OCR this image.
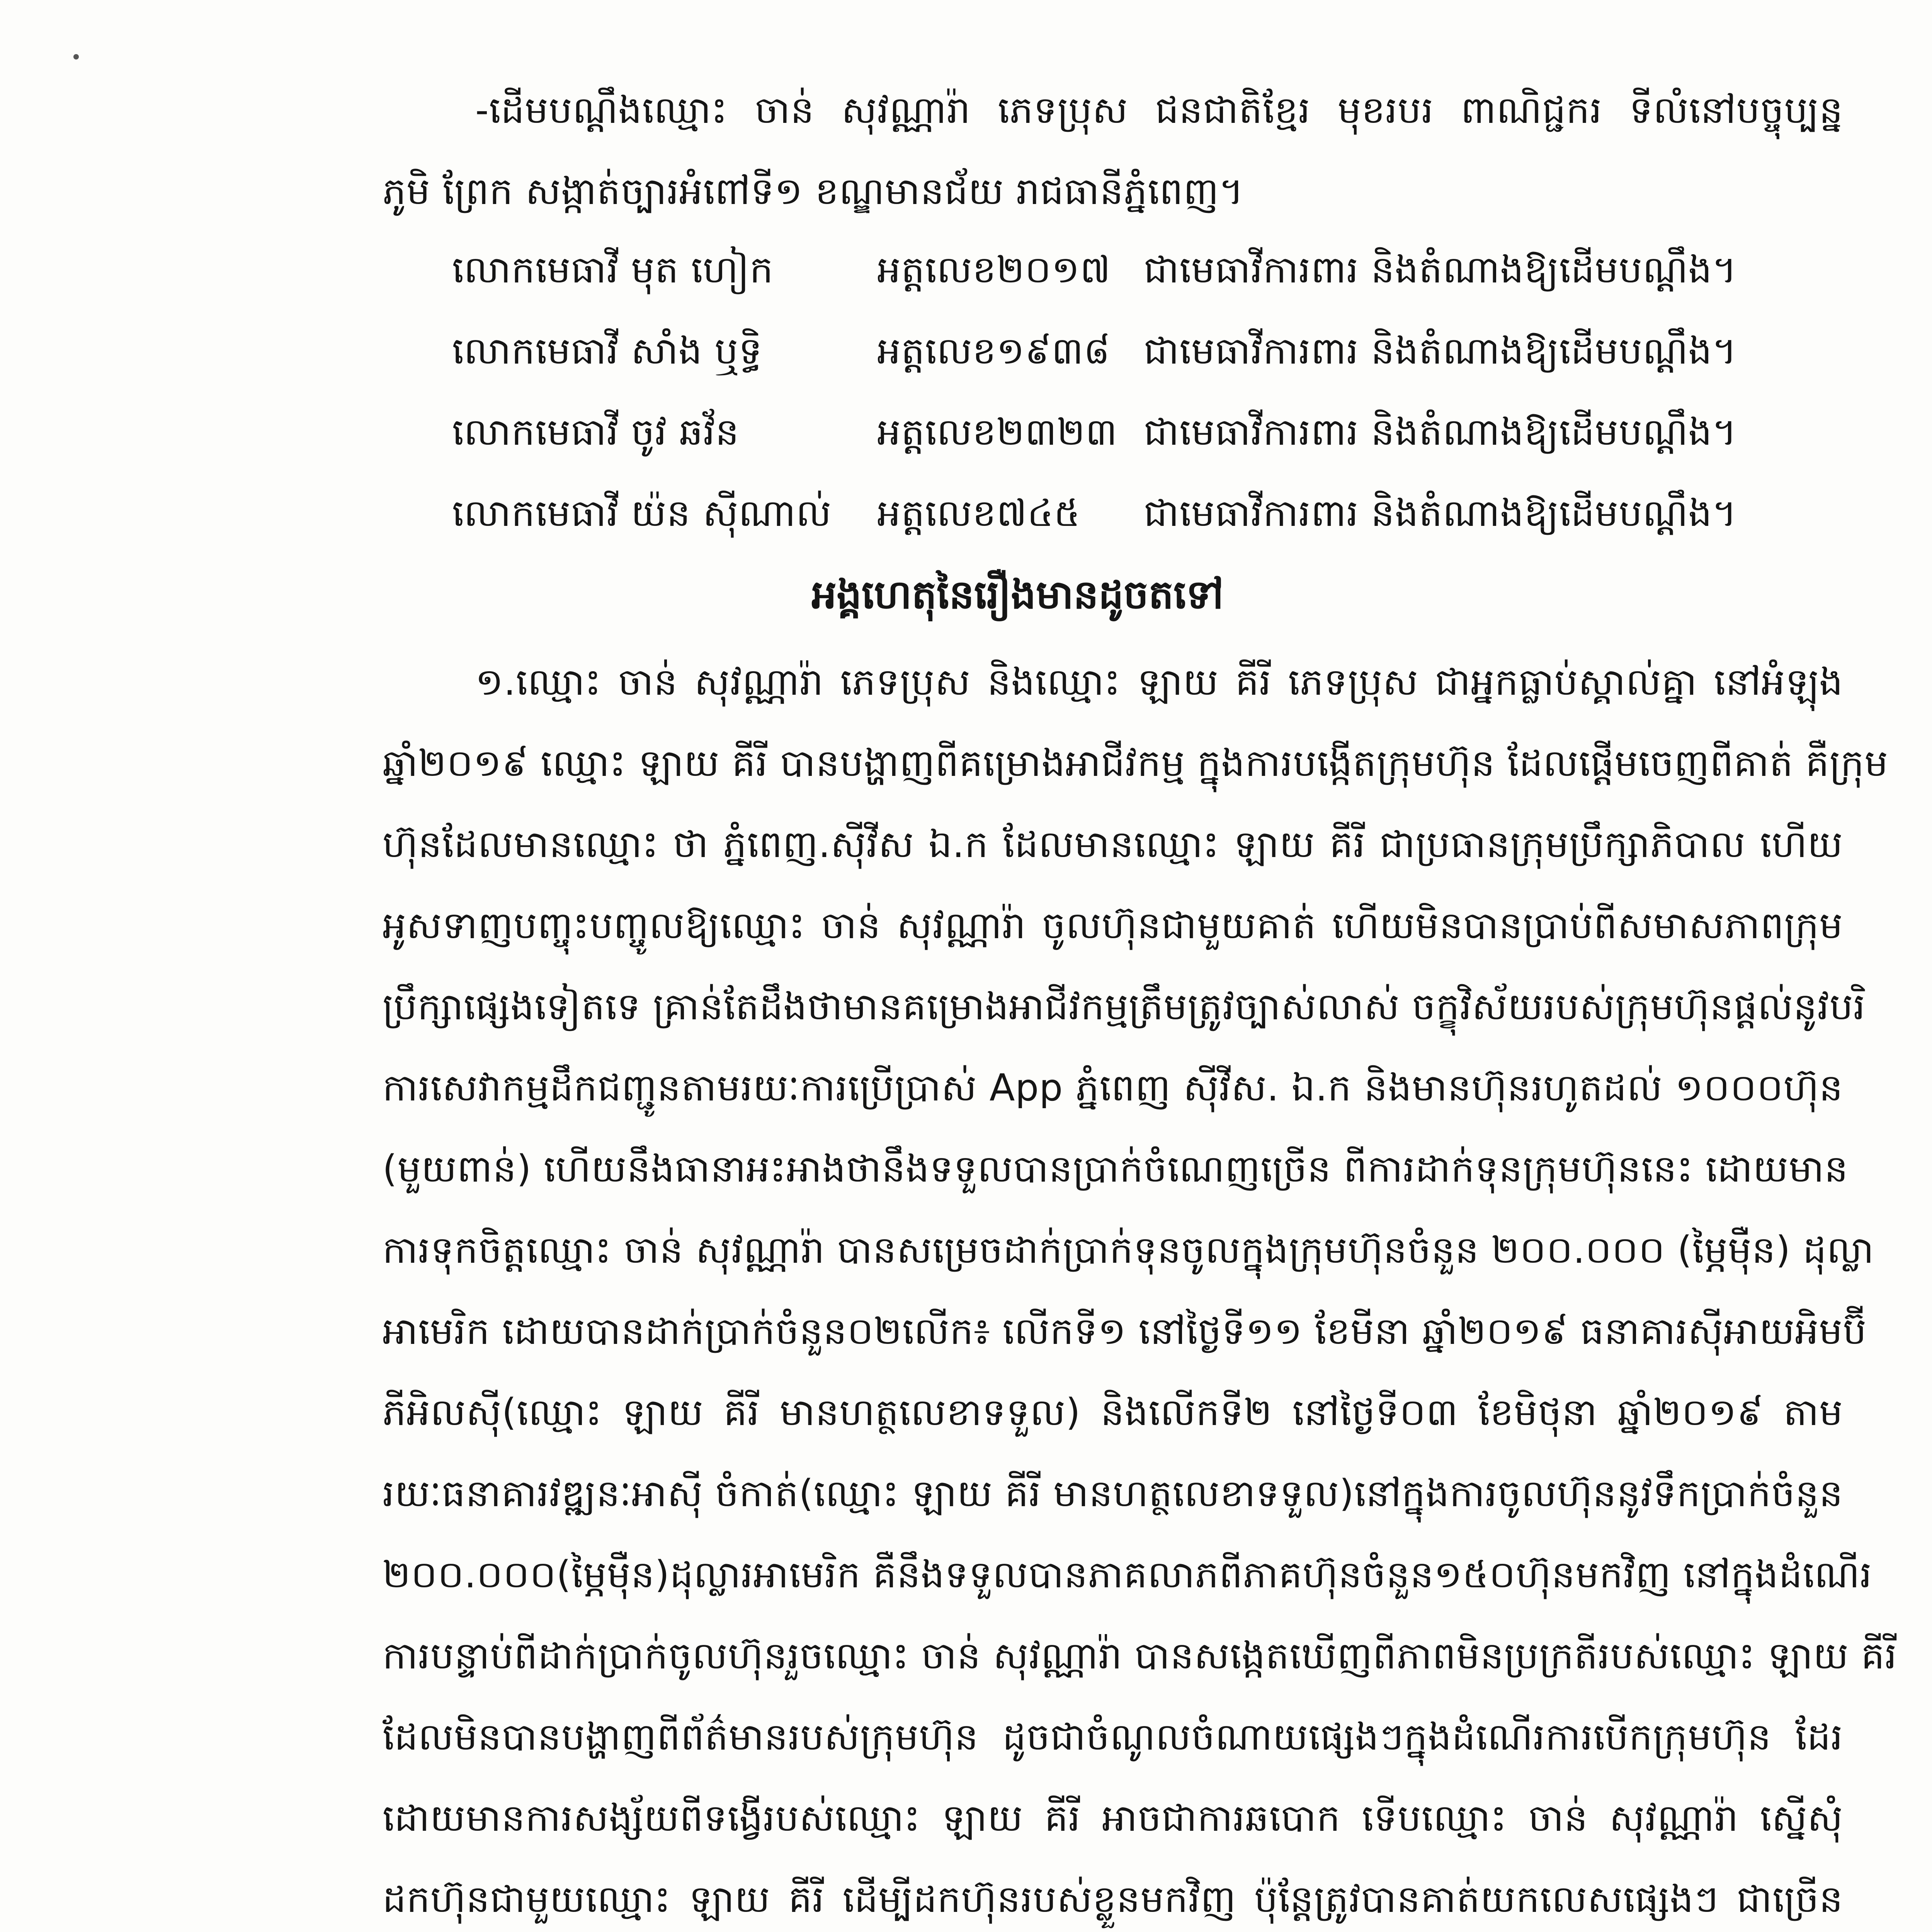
-ដើមបណ្តឹងឈ្មោះ ចាន់ សុវណ្ណារ៉ា ភេទប្រុស ជនជាតិខ្មែរ មុខរបរ ពាណិជ្ជករ ទីលំនៅបច្ចុប្បន្ន
ភូមិ ព្រែក សង្កាត់ច្បារអំពៅទី១ ខណ្ឌមានជ័យ រាជធានីភ្នំពេញ។
លោកមេធាវី មុត ហៀក	អត្តលេខ២០១៧ ជាមេធាវីការពារ និងតំណាងឱ្យដើមបណ្តឹង។
លោកមេធាវី សាំង ឬទ្ធិ	អត្តលេខ១៩៣៨ ជាមេធាវីការពារ និងតំណាងឱ្យដើមបណ្តឹង។
លោកមេធាវី ចូវ ឆវ័ន	អត្តលេខ២៣២៣ ជាមេធាវីការពារ និងតំណាងឱ្យដើមបណ្តឹង។
លោកមេធាវី យ៉ន ស៊ីណាល់ អត្តលេខ៧៤៥ ជាមេធាវីការពារ និងតំណាងឱ្យដើមបណ្តឹង។
អង្គហេតុនៃរឿងមានដូចតទៅ
១.ឈ្មោះ ចាន់ សុវណ្ណារ៉ា ភេទប្រុស និងឈ្មោះ ឡាយ គីរី ភេទប្រុស ជាអ្នកធ្លាប់ស្គាល់គ្នា នៅអំឡុង
ឆ្នាំ២០១៩ ឈ្មោះ ឡាយ គីរី បានបង្ហាញពីគម្រោងអាជីវកម្ម ក្នុងការបង្កើតក្រុមហ៊ុន ដែលផ្តើមចេញពីគាត់ គឺក្រុម
ហ៊ុនដែលមានឈ្មោះ ថា ភ្នំពេញ.ស៊ីវីស ឯ.ក ដែលមានឈ្មោះ ឡាយ គីរី ជាប្រធានក្រុមប្រឹក្សាភិបាល ហើយ
អូសទាញបញ្ចុះបញ្ចូលឱ្យឈ្មោះ ចាន់ សុវណ្ណារ៉ា ចូលហ៊ុនជាមួយគាត់ ហើយមិនបានប្រាប់ពីសមាសភាពក្រុម
ប្រឹក្សាផ្សេងទៀតទេ គ្រាន់តែដឹងថាមានគម្រោងអាជីវកម្មត្រឹមត្រូវច្បាស់លាស់ ចក្ខុវិស័យរបស់ក្រុមហ៊ុនផ្តល់នូវបរិ
ការសេវាកម្មដឹកជញ្ជូនតាមរយៈការប្រើប្រាស់ App ភ្នំពេញ ស៊ីវីស. ឯ.ក និងមានហ៊ុនរហូតដល់ ១០០០ហ៊ុន
(មួយពាន់) ហើយនឹងធានាអះអាងថានឹងទទួលបានប្រាក់ចំណេញច្រើន ពីការដាក់ទុនក្រុមហ៊ុននេះ ដោយមាន
ការទុកចិត្តឈ្មោះ ចាន់ សុវណ្ណារ៉ា បានសម្រេចដាក់ប្រាក់ទុនចូលក្នុងក្រុមហ៊ុនចំនួន ២០០.០០០ (ម្ភៃម៉ឺន) ដុល្លា
អាមេរិក ដោយបានដាក់ប្រាក់ចំនួន០២លើក៖ លើកទី១ នៅថ្ងៃទី១១ ខែមីនា ឆ្នាំ២០១៩ ធនាគារស៊ីអាយអិមប៊ី
ភីអិលស៊ី(ឈ្មោះ ឡាយ គីរី មានហត្ថលេខាទទួល) និងលើកទី២ នៅថ្ងៃទី០៣ ខែមិថុនា ឆ្នាំ២០១៩ តាម
រយៈធនាគារវឌ្ឍនៈអាស៊ី ចំកាត់(ឈ្មោះ ឡាយ គីរី មានហត្ថលេខាទទួល)នៅក្នុងការចូលហ៊ុននូវទឹកប្រាក់ចំនួន
២០០.០០០(ម្ភៃម៉ឺន)ដុល្លារអាមេរិក គឺនឹងទទួលបានភាគលាភពីភាគហ៊ុនចំនួន១៥០ហ៊ុនមកវិញ នៅក្នុងដំណើរ
ការបន្ទាប់ពីដាក់ប្រាក់ចូលហ៊ុនរួចឈ្មោះ ចាន់ សុវណ្ណារ៉ា បានសង្កេតឃើញពីភាពមិនប្រក្រតីរបស់ឈ្មោះ ឡាយ គីរី
ដែលមិនបានបង្ហាញពីព័ត៌មានរបស់ក្រុមហ៊ុន ដូចជាចំណូលចំណាយផ្សេងៗក្នុងដំណើរការបើកក្រុមហ៊ុន ដែរ
ដោយមានការសង្ស័យពីទង្វើរបស់ឈ្មោះ ឡាយ គីរី អាចជាការឆបោក ទើបឈ្មោះ ចាន់ សុវណ្ណារ៉ា ស្នើសុំ
ដកហ៊ុនជាមួយឈ្មោះ ឡាយ គីរី ដើម្បីដកហ៊ុនរបស់ខ្លួនមកវិញ ប៉ុន្តែត្រូវបានគាត់យកលេសផ្សេងៗ ជាច្រើន
